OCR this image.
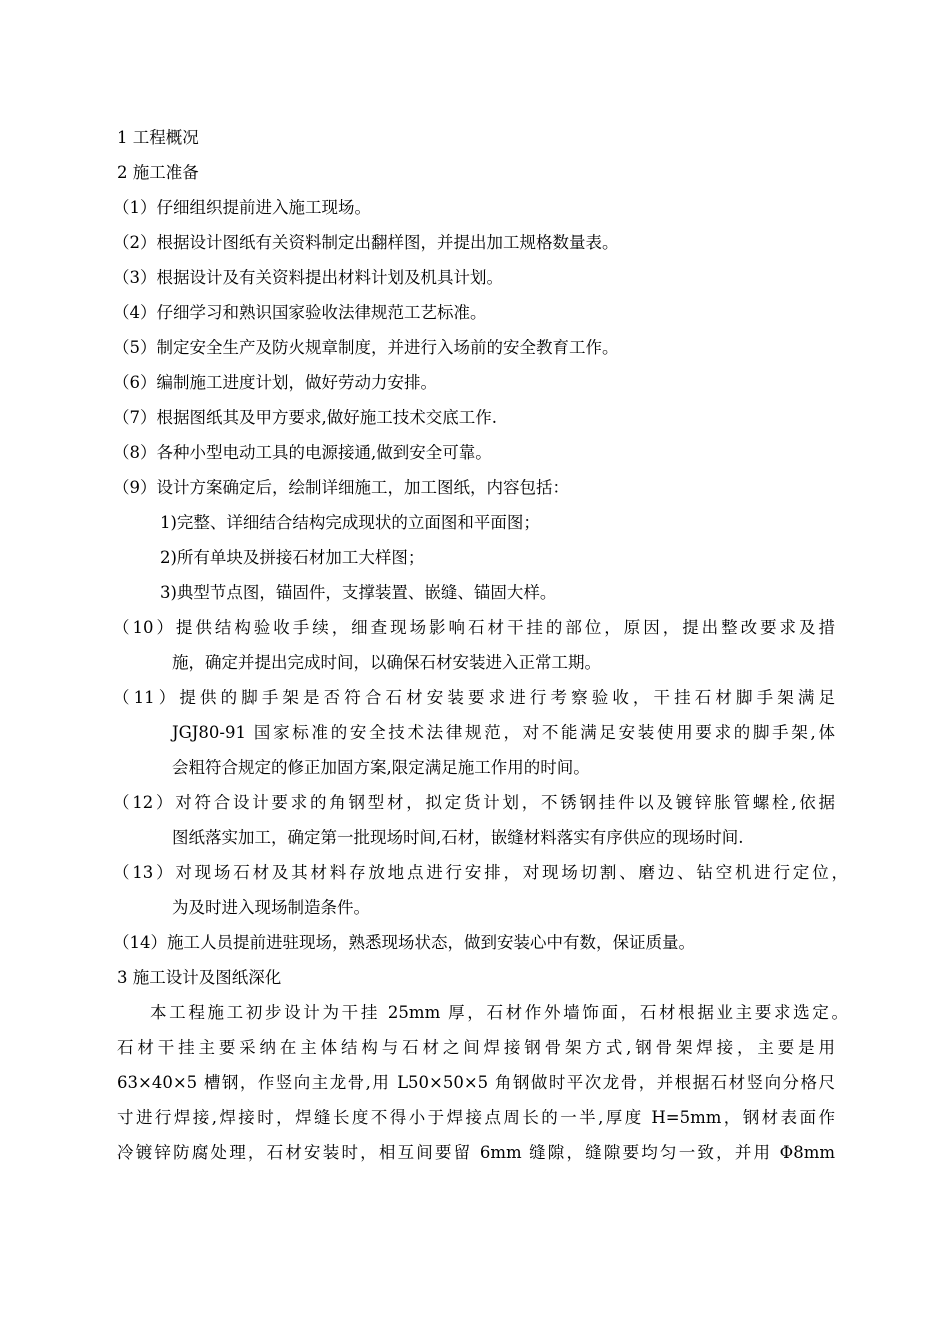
1 工程概况
2 施工准备
（1）仔细组织提前进入施工现场。
（2）根据设计图纸有关资料制定出翻样图，并提出加工规格数量表。
（3）根据设计及有关资料提出材料计划及机具计划。
（4）仔细学习和熟识国家验收法律规范工艺标准。
（5）制定安全生产及防火规章制度，并进行入场前的安全教育工作。
（6）编制施工进度计划，做好劳动力安排。
（7）根据图纸其及甲方要求,做好施工技术交底工作.
（8）各种小型电动工具的电源接通,做到安全可靠。
（9）设计方案确定后，绘制详细施工，加工图纸，内容包括：
1)完整、详细结合结构完成现状的立面图和平面图；
2)所有单块及拼接石材加工大样图；
3)典型节点图，锚固件，支撑装置、嵌缝、锚固大样。
（10）提供结构验收手续，细查现场影响石材干挂的部位，原因，提出整改要求及措
施，确定并提出完成时间，以确保石材安装进入正常工期。
（11）提供的脚手架是否符合石材安装要求进行考察验收，干挂石材脚手架满足
JGJ80-91 国家标准的安全技术法律规范，对不能满足安装使用要求的脚手架,体
会粗符合规定的修正加固方案,限定满足施工作用的时间。
（12）对符合设计要求的角钢型材，拟定货计划，不锈钢挂件以及镀锌胀管螺栓,依据
图纸落实加工，确定第一批现场时间,石材，嵌缝材料落实有序供应的现场时间.
（13）对现场石材及其材料存放地点进行安排，对现场切割、磨边、钻空机进行定位，
为及时进入现场制造条件。
（14）施工人员提前进驻现场，熟悉现场状态，做到安装心中有数，保证质量。
3 施工设计及图纸深化
本工程施工初步设计为干挂 25mm 厚，石材作外墙饰面，石材根据业主要求选定。
石材干挂主要采纳在主体结构与石材之间焊接钢骨架方式,钢骨架焊接，主要是用
63×40×5 槽钢，作竖向主龙骨,用 L50×50×5 角钢做时平次龙骨，并根据石材竖向分格尺
寸进行焊接,焊接时，焊缝长度不得小于焊接点周长的一半,厚度 H=5mm，钢材表面作
冷镀锌防腐处理，石材安装时，相互间要留 6mm 缝隙，缝隙要均匀一致，并用 Φ8mm
